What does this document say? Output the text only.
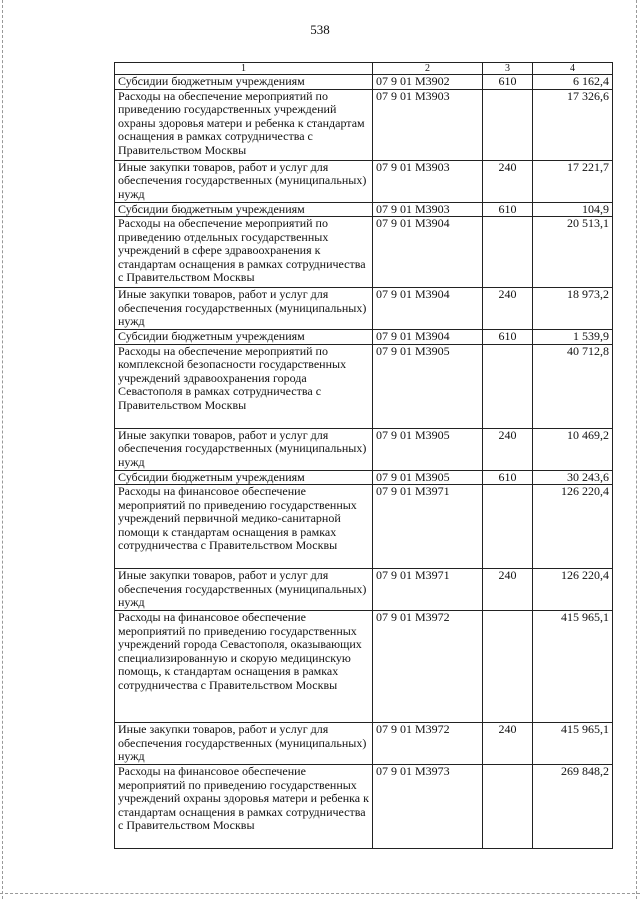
538
1	2	3	4
Субсидии бюджетным учреждениям	07 9 01 М3902	610	6 162,4
Расходы на обеспечение мероприятий по приведению государственных учреждений охраны здоровья матери и ребенка к стандартам оснащения в рамках сотрудничества с Правительством Москвы	07 9 01 М3903		17 326,6
Иные закупки товаров, работ и услуг для обеспечения государственных (муниципальных) нужд	07 9 01 М3903	240	17 221,7
Субсидии бюджетным учреждениям	07 9 01 М3903	610	104,9
Расходы на обеспечение мероприятий по приведению отдельных государственных учреждений в сфере здравоохранения к стандартам оснащения в рамках сотрудничества с Правительством Москвы	07 9 01 М3904		20 513,1
Иные закупки товаров, работ и услуг для обеспечения государственных (муниципальных) нужд	07 9 01 М3904	240	18 973,2
Субсидии бюджетным учреждениям	07 9 01 М3904	610	1 539,9
Расходы на обеспечение мероприятий по комплексной безопасности государственных учреждений здравоохранения города Севастополя в рамках сотрудничества с Правительством Москвы	07 9 01 М3905		40 712,8
Иные закупки товаров, работ и услуг для обеспечения государственных (муниципальных) нужд	07 9 01 М3905	240	10 469,2
Субсидии бюджетным учреждениям	07 9 01 М3905	610	30 243,6
Расходы на финансовое обеспечение мероприятий по приведению государственных учреждений первичной медико-санитарной помощи к стандартам оснащения в рамках сотрудничества с Правительством Москвы	07 9 01 М3971		126 220,4
Иные закупки товаров, работ и услуг для обеспечения государственных (муниципальных) нужд	07 9 01 М3971	240	126 220,4
Расходы на финансовое обеспечение мероприятий по приведению государственных учреждений города Севастополя, оказывающих специализированную и скорую медицинскую помощь, к стандартам оснащения в рамках сотрудничества с Правительством Москвы	07 9 01 М3972		415 965,1
Иные закупки товаров, работ и услуг для обеспечения государственных (муниципальных) нужд	07 9 01 М3972	240	415 965,1
Расходы на финансовое обеспечение мероприятий по приведению государственных учреждений охраны здоровья матери и ребенка к стандартам оснащения в рамках сотрудничества с Правительством Москвы	07 9 01 М3973		269 848,2
